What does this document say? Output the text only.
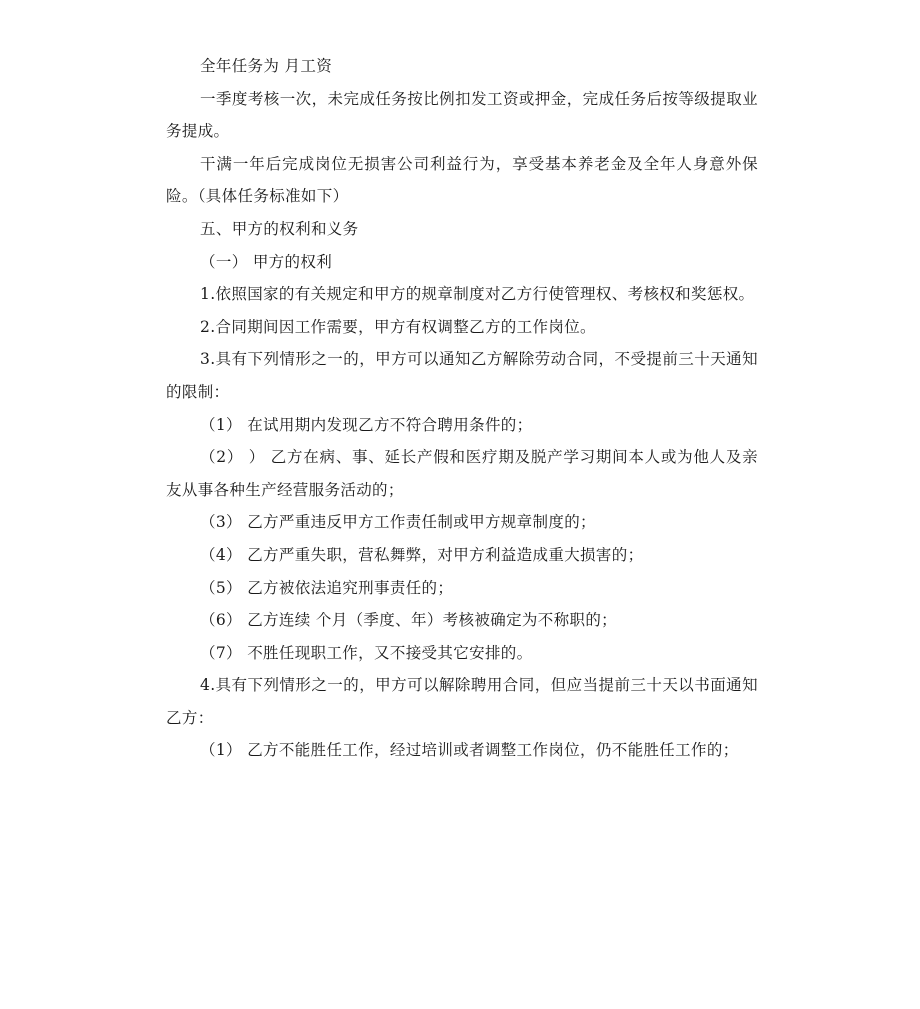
全年任务为 月工资

一季度考核一次，未完成任务按比例扣发工资或押金，完成任务后按等级提取业务提成。

干满一年后完成岗位无损害公司利益行为，享受基本养老金及全年人身意外保险。（具体任务标准如下）

五、甲方的权利和义务

（一） 甲方的权利

1.依照国家的有关规定和甲方的规章制度对乙方行使管理权、考核权和奖惩权。

2.合同期间因工作需要，甲方有权调整乙方的工作岗位。

3.具有下列情形之一的，甲方可以通知乙方解除劳动合同，不受提前三十天通知的限制：

（1） 在试用期内发现乙方不符合聘用条件的；

（2） ） 乙方在病、事、延长产假和医疗期及脱产学习期间本人或为他人及亲友从事各种生产经营服务活动的；

（3） 乙方严重违反甲方工作责任制或甲方规章制度的；

（4） 乙方严重失职，营私舞弊，对甲方利益造成重大损害的；

（5） 乙方被依法追究刑事责任的；

（6） 乙方连续 个月（季度、年）考核被确定为不称职的；

（7） 不胜任现职工作，又不接受其它安排的。

4.具有下列情形之一的，甲方可以解除聘用合同，但应当提前三十天以书面通知乙方：

（1） 乙方不能胜任工作，经过培训或者调整工作岗位，仍不能胜任工作的；
